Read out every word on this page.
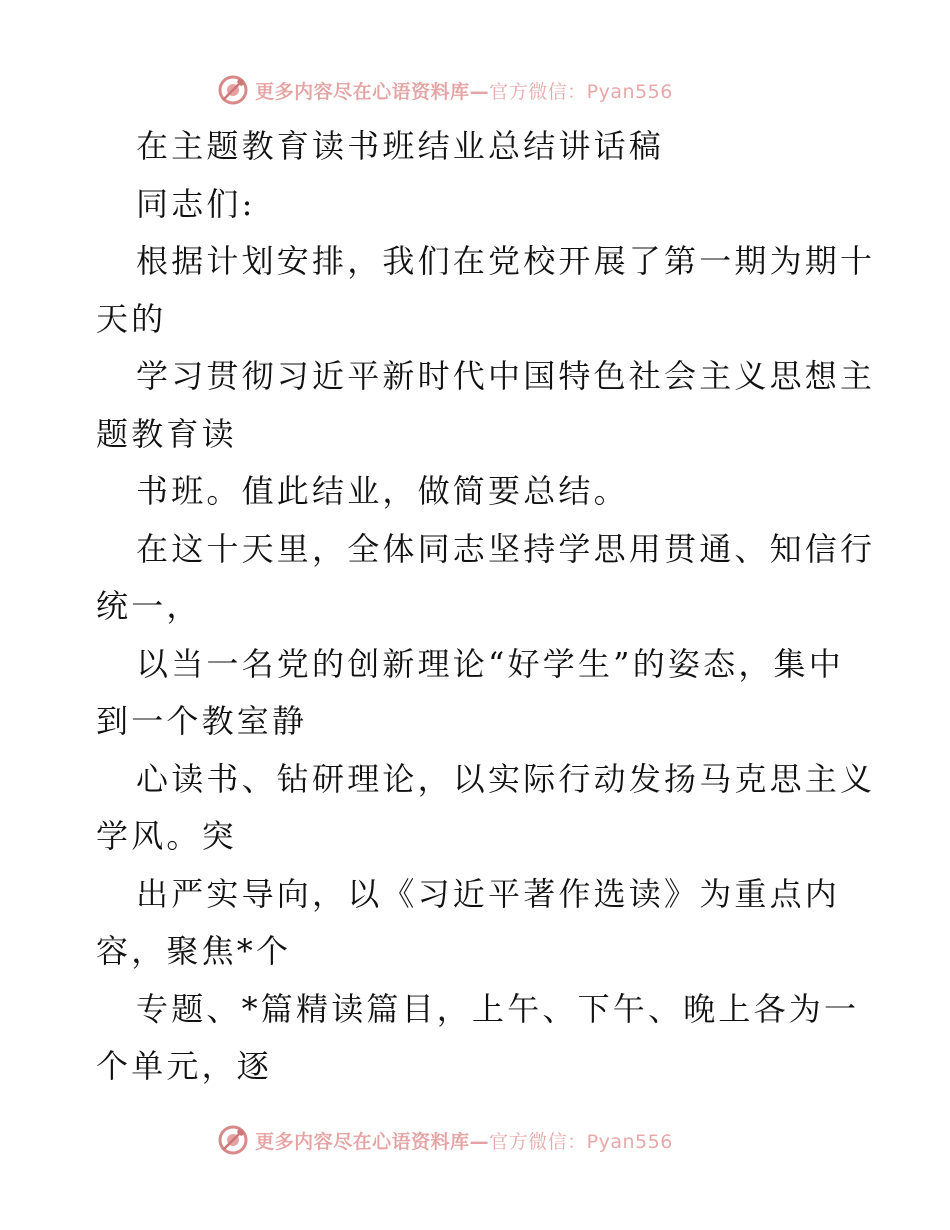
更多内容尽在心语资料库—官方微信：Pyan556
在主题教育读书班结业总结讲话稿
同志们:
根据计划安排，我们在党校开展了第一期为期十
天的
学习贯彻习近平新时代中国特色社会主义思想主
题教育读
书班。值此结业，做简要总结。
在这十天里，全体同志坚持学思用贯通、知信行
统一，
以当一名党的创新理论“好学生”的姿态，集中
到一个教室静
心读书、钻研理论，以实际行动发扬马克思主义
学风。突
出严实导向，以《习近平著作选读》为重点内
容，聚焦*个
专题、*篇精读篇目，上午、下午、晚上各为一
个单元，逐
更多内容尽在心语资料库—官方微信：Pyan556
